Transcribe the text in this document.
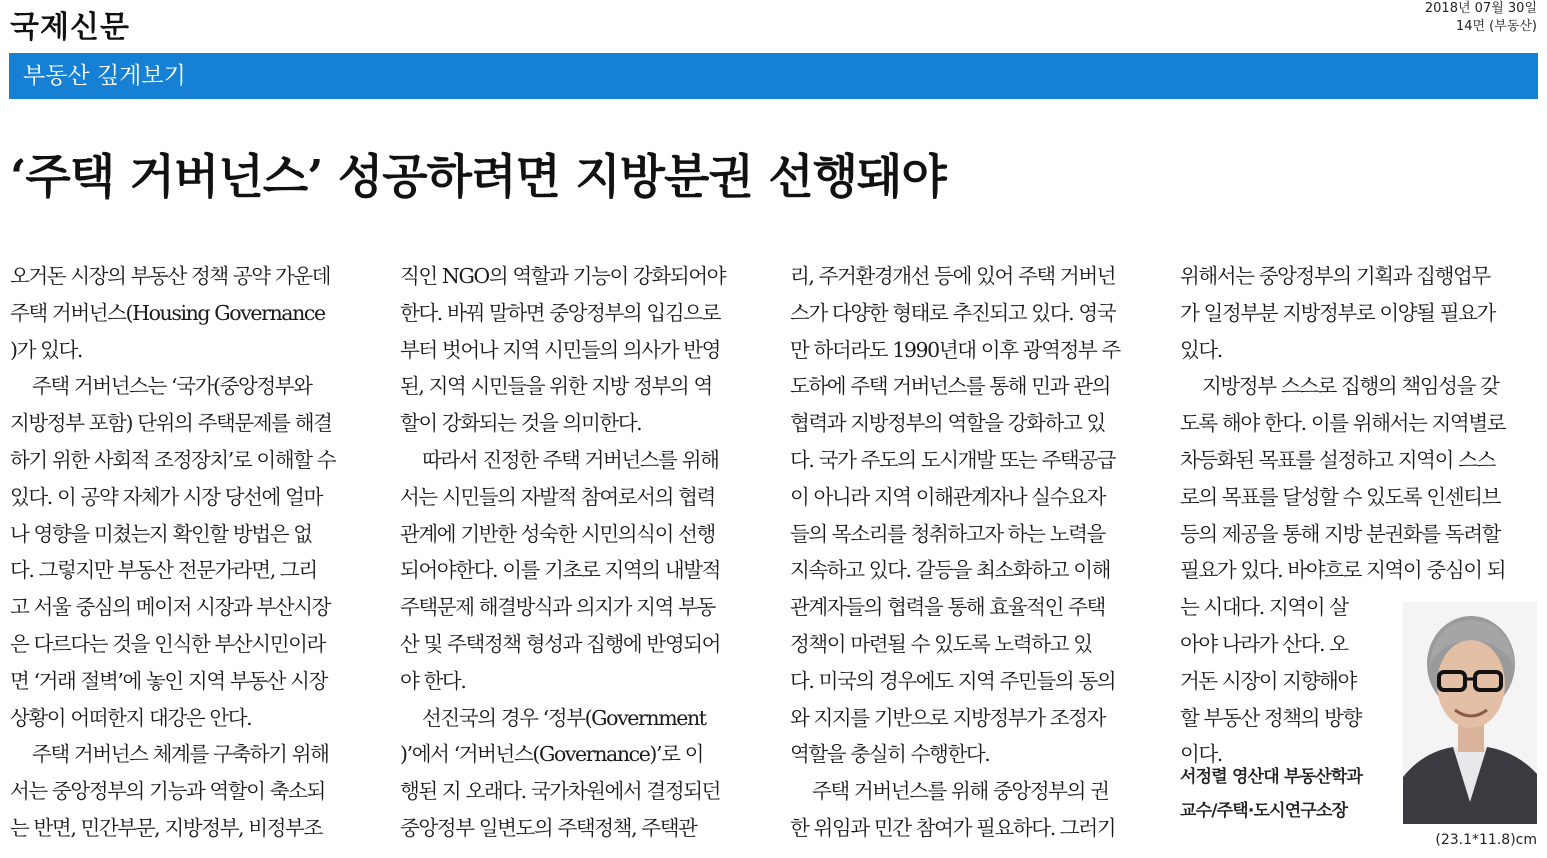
국제신문
2018년 07월 30일
14면 (부동산)
부동산 깊게보기
‘주택 거버넌스’ 성공하려면 지방분권 선행돼야
오거돈 시장의 부동산 정책 공약 가운데
주택 거버넌스(Housing Governance
)가 있다.
주택 거버넌스는 ‘국가(중앙정부와
지방정부 포함) 단위의 주택문제를 해결
하기 위한 사회적 조정장치’로 이해할 수
있다. 이 공약 자체가 시장 당선에 얼마
나 영향을 미쳤는지 확인할 방법은 없
다. 그렇지만 부동산 전문가라면, 그리
고 서울 중심의 메이저 시장과 부산시장
은 다르다는 것을 인식한 부산시민이라
면 ‘거래 절벽’에 놓인 지역 부동산 시장
상황이 어떠한지 대강은 안다.
주택 거버넌스 체계를 구축하기 위해
서는 중앙정부의 기능과 역할이 축소되
는 반면, 민간부문, 지방정부, 비정부조
직인 NGO의 역할과 기능이 강화되어야
한다. 바꿔 말하면 중앙정부의 입김으로
부터 벗어나 지역 시민들의 의사가 반영
된, 지역 시민들을 위한 지방 정부의 역
할이 강화되는 것을 의미한다.
따라서 진정한 주택 거버넌스를 위해
서는 시민들의 자발적 참여로서의 협력
관계에 기반한 성숙한 시민의식이 선행
되어야한다. 이를 기초로 지역의 내발적
주택문제 해결방식과 의지가 지역 부동
산 및 주택정책 형성과 집행에 반영되어
야 한다.
선진국의 경우 ‘정부(Government
)’에서 ‘거버넌스(Governance)’로 이
행된 지 오래다. 국가차원에서 결정되던
중앙정부 일변도의 주택정책, 주택관
리, 주거환경개선 등에 있어 주택 거버넌
스가 다양한 형태로 추진되고 있다. 영국
만 하더라도 1990년대 이후 광역정부 주
도하에 주택 거버넌스를 통해 민과 관의
협력과 지방정부의 역할을 강화하고 있
다. 국가 주도의 도시개발 또는 주택공급
이 아니라 지역 이해관계자나 실수요자
들의 목소리를 청취하고자 하는 노력을
지속하고 있다. 갈등을 최소화하고 이해
관계자들의 협력을 통해 효율적인 주택
정책이 마련될 수 있도록 노력하고 있
다. 미국의 경우에도 지역 주민들의 동의
와 지지를 기반으로 지방정부가 조정자
역할을 충실히 수행한다.
주택 거버넌스를 위해 중앙정부의 권
한 위임과 민간 참여가 필요하다. 그러기
위해서는 중앙정부의 기획과 집행업무
가 일정부분 지방정부로 이양될 필요가
있다.
지방정부 스스로 집행의 책임성을 갖
도록 해야 한다. 이를 위해서는 지역별로
차등화된 목표를 설정하고 지역이 스스
로의 목표를 달성할 수 있도록 인센티브
등의 제공을 통해 지방 분권화를 독려할
필요가 있다. 바야흐로 지역이 중심이 되
는 시대다. 지역이 살
아야 나라가 산다. 오
거돈 시장이 지향해야
할 부동산 정책의 방향
이다.
서정렬 영산대 부동산학과
교수/주택·도시연구소장
(23.1*11.8)cm
